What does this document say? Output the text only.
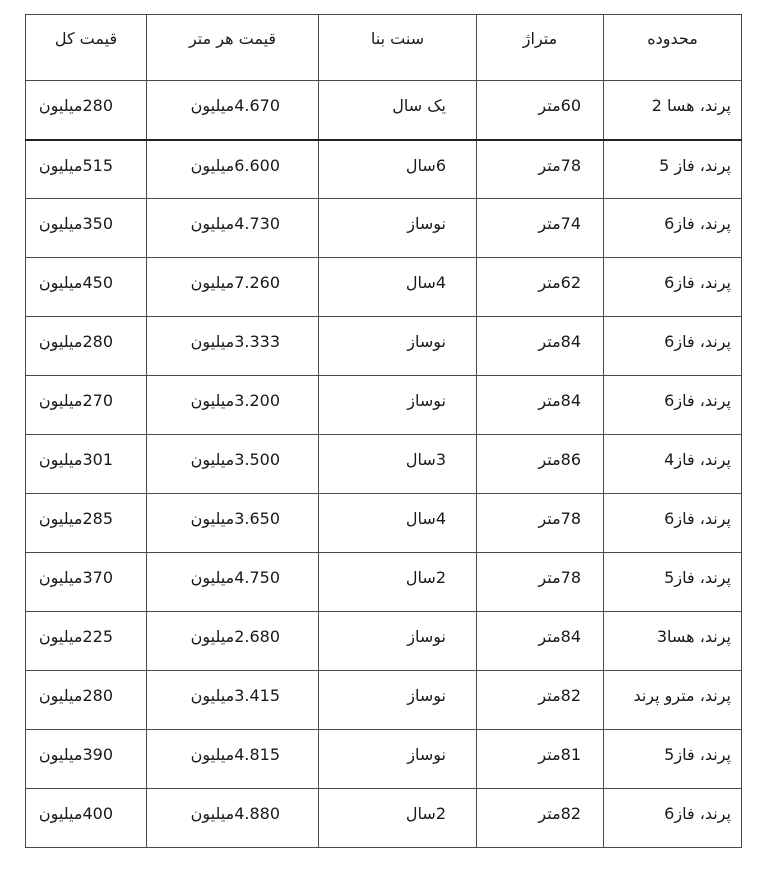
محدوده	متراژ	سنت بنا	قیمت هر متر	قیمت کل
پرند، هسا 2	60متر	یک سال	4.670میلیون	280میلیون
پرند، فاز 5	78متر	6سال	6.600میلیون	515میلیون
پرند، فاز6	74متر	نوساز	4.730میلیون	350میلیون
پرند، فاز6	62متر	4سال	7.260میلیون	450میلیون
پرند، فاز6	84متر	نوساز	3.333میلیون	280میلیون
پرند، فاز6	84متر	نوساز	3.200میلیون	270میلیون
پرند، فاز4	86متر	3سال	3.500میلیون	301میلیون
پرند، فاز6	78متر	4سال	3.650میلیون	285میلیون
پرند، فاز5	78متر	2سال	4.750میلیون	370میلیون
پرند، هسا3	84متر	نوساز	2.680میلیون	225میلیون
پرند، مترو پرند	82متر	نوساز	3.415میلیون	280میلیون
پرند، فاز5	81متر	نوساز	4.815میلیون	390میلیون
پرند، فاز6	82متر	2سال	4.880میلیون	400میلیون
